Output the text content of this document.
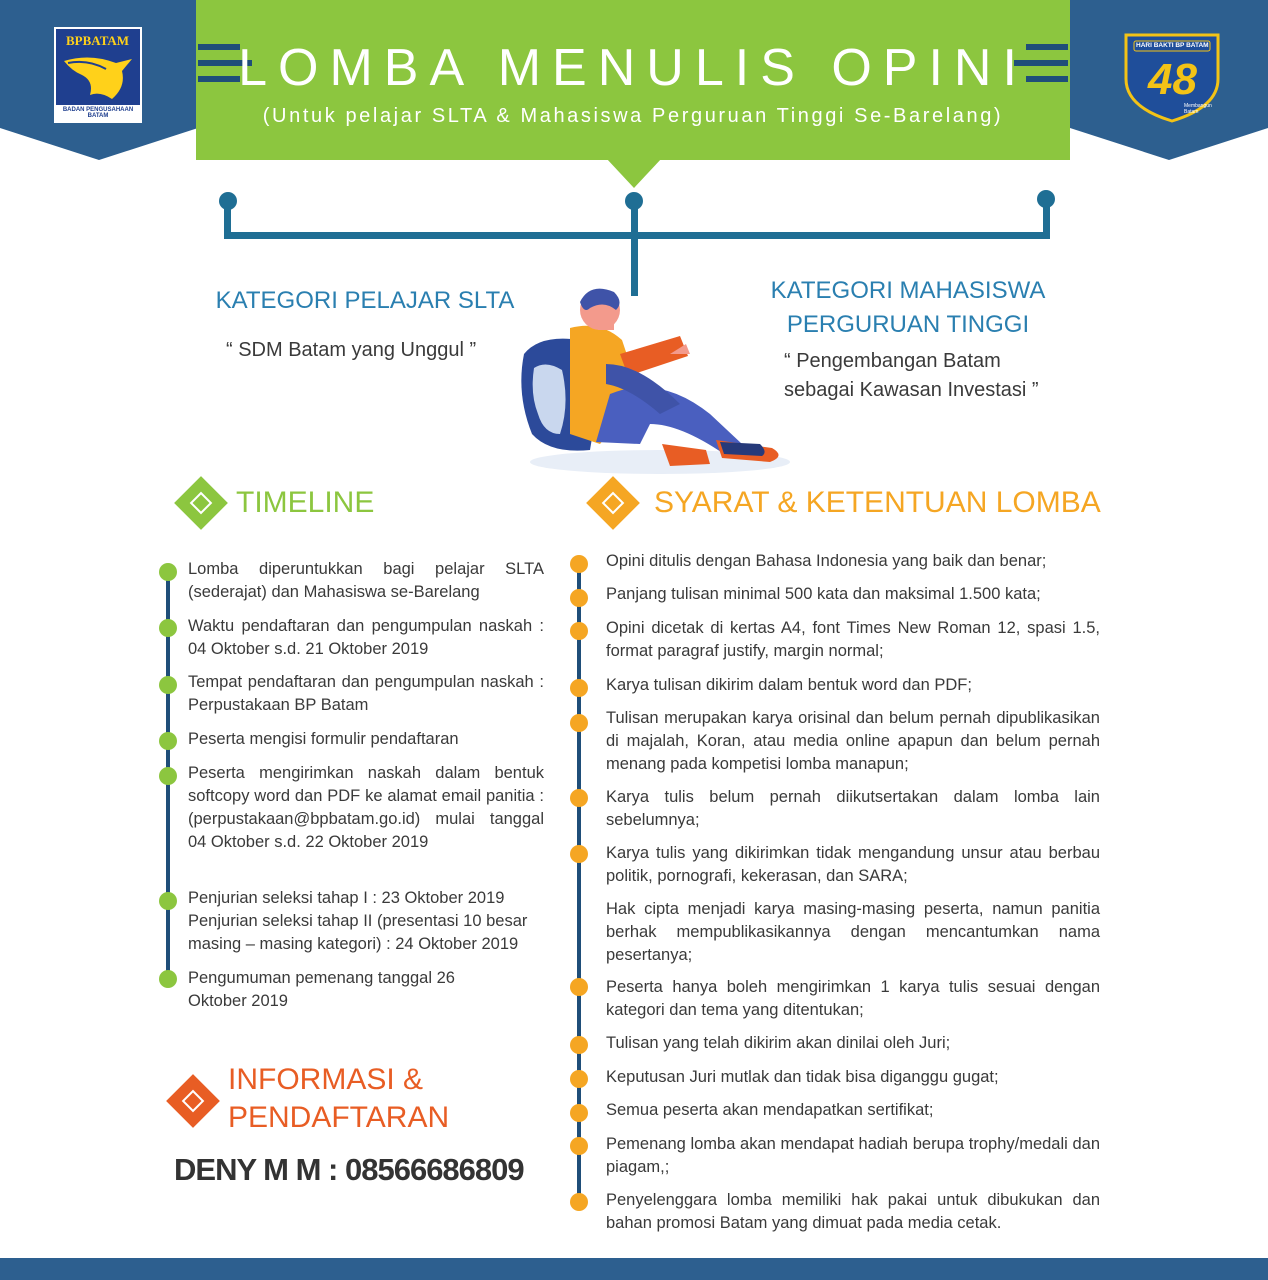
LOMBA MENULIS OPINI
(Untuk pelajar SLTA & Mahasiswa Perguruan Tinggi Se-Barelang)
BPBATAM
BADAN PENGUSAHAAN BATAM
HARI BAKTI BP BATAM
48
Membangun Batam
KATEGORI PELAJAR SLTA
“ SDM Batam yang Unggul ”
KATEGORI MAHASISWA
PERGURUAN TINGGI
“ Pengembangan Batam
sebagai Kawasan Investasi ”
TIMELINE
Lomba diperuntukkan bagi pelajar SLTA (sederajat) dan Mahasiswa se-Barelang
Waktu pendaftaran dan pengumpulan naskah : 04 Oktober s.d. 21 Oktober 2019
Tempat pendaftaran dan pengumpulan naskah : Perpustakaan BP Batam
Peserta mengisi formulir pendaftaran
Peserta mengirimkan naskah dalam bentuk softcopy word dan PDF ke alamat email panitia : (perpustakaan@bpbatam.go.id) mulai tanggal 04 Oktober s.d. 22 Oktober 2019
Penjurian seleksi tahap I : 23 Oktober 2019 Penjurian seleksi tahap II (presentasi 10 besar masing – masing kategori) : 24 Oktober 2019
Pengumuman pemenang tanggal 26 Oktober 2019
INFORMASI &
PENDAFTARAN
DENY M M : 08566686809
SYARAT & KETENTUAN LOMBA
Opini ditulis dengan Bahasa Indonesia yang baik dan benar;
Panjang tulisan minimal 500 kata dan maksimal 1.500 kata;
Opini dicetak di kertas A4, font Times New Roman 12, spasi 1.5, format paragraf justify, margin normal;
Karya tulisan dikirim dalam bentuk word dan PDF;
Tulisan merupakan karya orisinal dan belum pernah dipublikasikan di majalah, Koran, atau media online apapun dan belum pernah menang pada kompetisi lomba manapun;
Karya tulis belum pernah diikutsertakan dalam lomba lain sebelumnya;
Karya tulis yang dikirimkan tidak mengandung unsur atau berbau politik, pornografi, kekerasan, dan SARA;
Hak cipta menjadi karya masing-masing peserta, namun panitia berhak mempublikasikannya dengan mencantumkan nama pesertanya;
Peserta hanya boleh mengirimkan 1 karya tulis sesuai dengan kategori dan tema yang ditentukan;
Tulisan yang telah dikirim akan dinilai oleh Juri;
Keputusan Juri mutlak dan tidak bisa diganggu gugat;
Semua peserta akan mendapatkan sertifikat;
Pemenang lomba akan mendapat hadiah berupa trophy/medali dan piagam,;
Penyelenggara lomba memiliki hak pakai untuk dibukukan dan bahan promosi Batam yang dimuat pada media cetak.
